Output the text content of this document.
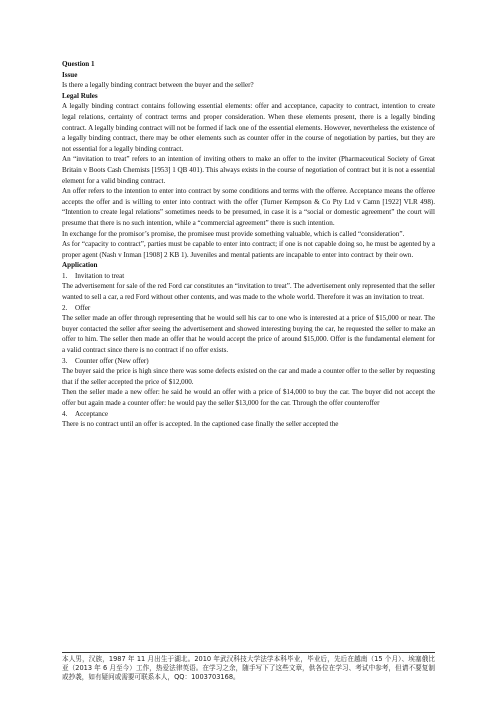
Question 1

Issue

Is there a legally binding contract between the buyer and the seller?

Legal Rules

A legally binding contract contains following essential elements: offer and acceptance, capacity to contract, intention to create legal relations, certainty of contract terms and proper consideration. When these elements present, there is a legally binding contract. A legally binding contract will not be formed if lack one of the essential elements. However, nevertheless the existence of a legally binding contract, there may be other elements such as counter offer in the course of negotiation by parties, but they are not essential for a legally binding contract.

An “invitation to treat” refers to an intention of inviting others to make an offer to the inviter (Pharmaceutical Society of Great Britain v Boots Cash Chemists [1953] 1 QB 401). This always exists in the course of negotiation of contract but it is not a essential element for a valid binding contract.

An offer refers to the intention to enter into contract by some conditions and terms with the offeree. Acceptance means the offeree accepts the offer and is willing to enter into contract with the offer (Turner Kempson & Co Pty Ltd v Camn [1922] VLR 498). “Intention to create legal relations” sometimes needs to be presumed, in case it is a “social or domestic agreement” the court will presume that there is no such intention, while a “commercial agreement” there is such intention.

In exchange for the promisor’s promise, the promisee must provide something valuable, which is called “consideration”.

As for “capacity to contract”, parties must be capable to enter into contract; if one is not capable doing so, he must be agented by a proper agent (Nash v Inman [1908] 2 KB 1). Juveniles and mental patients are incapable to enter into contract by their own.

Application

1.	Invitation to treat

The advertisement for sale of the red Ford car constitutes an “invitation to treat”. The advertisement only represented that the seller wanted to sell a car, a red Ford without other contents, and was made to the whole world. Therefore it was an invitation to treat.

2.	Offer

The seller made an offer through representing that he would sell his car to one who is interested at a price of $15,000 or near. The buyer contacted the seller after seeing the advertisement and showed interesting buying the car, he requested the seller to make an offer to him. The seller then made an offer that he would accept the price of around $15,000. Offer is the fundamental element for a valid contract since there is no contract if no offer exists.

3.	Counter offer (New offer)

The buyer said the price is high since there was some defects existed on the car and made a counter offer to the seller by requesting that if the seller accepted the price of $12,000.

Then the seller made a new offer: he said he would an offer with a price of $14,000 to buy the car. The buyer did not accept the offer but again made a counter offer: he would pay the seller $13,000 for the car. Through the offer counteroffer

4.	Acceptance

There is no contract until an offer is accepted. In the captioned case finally the seller accepted the

本人男，汉族，1987 年 11 月出生于湖北。2010 年武汉科技大学法学本科毕业，毕业后，先后在越南（15 个月）、埃塞俄比亚（2013 年 6 月至今）工作，热爱法律英语。在学习之余，随手写下了这些文章，供各位在学习、考试中参考，但请不要复制或抄袭，如有疑问或需要可联系本人，QQ：1003703168。
